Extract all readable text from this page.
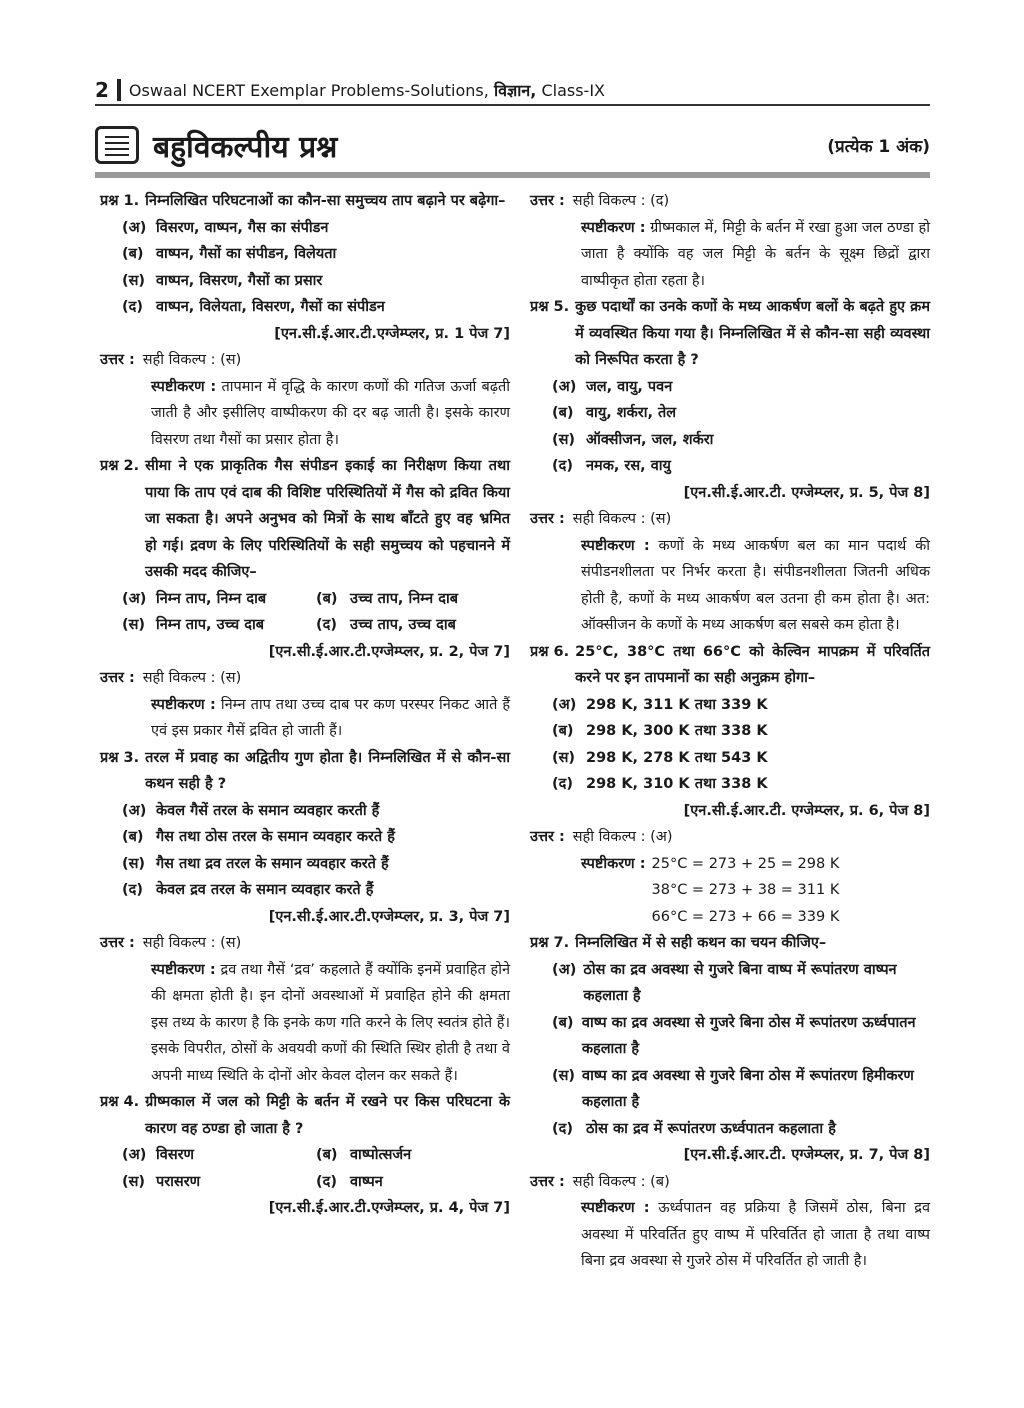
2 Oswaal NCERT Exemplar Problems-Solutions,
विज्ञान,
Class-IX
बहुविकल्पीय प्रश्न	(प्रत्येक 1 अंक)
प्रश्न 1. निम्नलिखित परिघटनाओं का कौन-सा समुच्चय ताप बढ़ाने पर बढ़ेगा–
(अ) विसरण, वाष्पन, गैस का संपीडन
(ब) वाष्पन, गैसों का संपीडन, विलेयता
(स) वाष्पन, विसरण, गैसों का प्रसार
(द) वाष्पन, विलेयता, विसरण, गैसों का संपीडन
[एन.सी.ई.आर.टी.एग्जेम्प्लर, प्र. 1 पेज 7]
उत्तर : सही विकल्प : (स)
स्पष्टीकरण : तापमान में वृद्धि के कारण कणों की गतिज ऊर्जा बढ़ती जाती है और इसीलिए वाष्पीकरण की दर बढ़ जाती है। इसके कारण विसरण तथा गैसों का प्रसार होता है।
प्रश्न 2. सीमा ने एक प्राकृतिक गैस संपीडन इकाई का निरीक्षण किया तथा पाया कि ताप एवं दाब की विशिष्ट परिस्थितियों में गैस को द्रवित किया जा सकता है। अपने अनुभव को मित्रों के साथ बाँटते हुए वह भ्रमित हो गई। द्रवण के लिए परिस्थितियों के सही समुच्चय को पहचानने में उसकी मदद कीजिए–
(अ) निम्न ताप, निम्न दाब	(ब) उच्च ताप, निम्न दाब
(स) निम्न ताप, उच्च दाब	(द) उच्च ताप, उच्च दाब
[एन.सी.ई.आर.टी.एग्जेम्प्लर, प्र. 2, पेज 7]
उत्तर : सही विकल्प : (स)
स्पष्टीकरण : निम्न ताप तथा उच्च दाब पर कण परस्पर निकट आते हैं एवं इस प्रकार गैसें द्रवित हो जाती हैं।
प्रश्न 3. तरल में प्रवाह का अद्वितीय गुण होता है। निम्नलिखित में से कौन-सा कथन सही है ?
(अ) केवल गैसें तरल के समान व्यवहार करती हैं
(ब) गैस तथा ठोस तरल के समान व्यवहार करते हैं
(स) गैस तथा द्रव तरल के समान व्यवहार करते हैं
(द) केवल द्रव तरल के समान व्यवहार करते हैं
[एन.सी.ई.आर.टी.एग्जेम्प्लर, प्र. 3, पेज 7]
उत्तर : सही विकल्प : (स)
स्पष्टीकरण : द्रव तथा गैसें ‘द्रव’ कहलाते हैं क्योंकि इनमें प्रवाहित होने की क्षमता होती है। इन दोनों अवस्थाओं में प्रवाहित होने की क्षमता इस तथ्य के कारण है कि इनके कण गति करने के लिए स्वतंत्र होते हैं। इसके विपरीत, ठोसों के अवयवी कणों की स्थिति स्थिर होती है तथा वे अपनी माध्य स्थिति के दोनों ओर केवल दोलन कर सकते हैं।
प्रश्न 4. ग्रीष्मकाल में जल को मिट्टी के बर्तन में रखने पर किस परिघटना के कारण वह ठण्डा हो जाता है ?
(अ) विसरण	(ब) वाष्पोत्सर्जन
(स) परासरण	(द) वाष्पन
[एन.सी.ई.आर.टी.एग्जेम्प्लर, प्र. 4, पेज 7]
उत्तर : सही विकल्प : (द)
स्पष्टीकरण : ग्रीष्मकाल में, मिट्टी के बर्तन में रखा हुआ जल ठण्डा हो जाता है क्योंकि वह जल मिट्टी के बर्तन के सूक्ष्म छिद्रों द्वारा वाष्पीकृत होता रहता है।
प्रश्न 5. कुछ पदार्थों का उनके कणों के मध्य आकर्षण बलों के बढ़ते हुए क्रम में व्यवस्थित किया गया है। निम्नलिखित में से कौन-सा सही व्यवस्था को निरूपित करता है ?
(अ) जल, वायु, पवन
(ब) वायु, शर्करा, तेल
(स) ऑक्सीजन, जल, शर्करा
(द) नमक, रस, वायु
[एन.सी.ई.आर.टी. एग्जेम्प्लर, प्र. 5, पेज 8]
उत्तर : सही विकल्प : (स)
स्पष्टीकरण : कणों के मध्य आकर्षण बल का मान पदार्थ की संपीडनशीलता पर निर्भर करता है। संपीडनशीलता जितनी अधिक होती है, कणों के मध्य आकर्षण बल उतना ही कम होता है। अत: ऑक्सीजन के कणों के मध्य आकर्षण बल सबसे कम होता है।
प्रश्न 6. 25°C, 38°C तथा 66°C को केल्विन मापक्रम में परिवर्तित करने पर इन तापमानों का सही अनुक्रम होगा–
(अ) 298 K, 311 K तथा 339 K
(ब) 298 K, 300 K तथा 338 K
(स) 298 K, 278 K तथा 543 K
(द) 298 K, 310 K तथा 338 K
[एन.सी.ई.आर.टी. एग्जेम्प्लर, प्र. 6, पेज 8]
उत्तर : सही विकल्प : (अ)
स्पष्टीकरण : 25°C = 273 + 25 = 298 K
38°C = 273 + 38 = 311 K
66°C = 273 + 66 = 339 K
प्रश्न 7. निम्नलिखित में से सही कथन का चयन कीजिए–
(अ) ठोस का द्रव अवस्था से गुजरे बिना वाष्प में रूपांतरण वाष्पन कहलाता है
(ब) वाष्प का द्रव अवस्था से गुजरे बिना ठोस में रूपांतरण ऊर्ध्वपातन कहलाता है
(स) वाष्प का द्रव अवस्था से गुजरे बिना ठोस में रूपांतरण हिमीकरण कहलाता है
(द) ठोस का द्रव में रूपांतरण ऊर्ध्वपातन कहलाता है
[एन.सी.ई.आर.टी. एग्जेम्प्लर, प्र. 7, पेज 8]
उत्तर : सही विकल्प : (ब)
स्पष्टीकरण : ऊर्ध्वपातन वह प्रक्रिया है जिसमें ठोस, बिना द्रव अवस्था में परिवर्तित हुए वाष्प में परिवर्तित हो जाता है तथा वाष्प बिना द्रव अवस्था से गुजरे ठोस में परिवर्तित हो जाती है।
